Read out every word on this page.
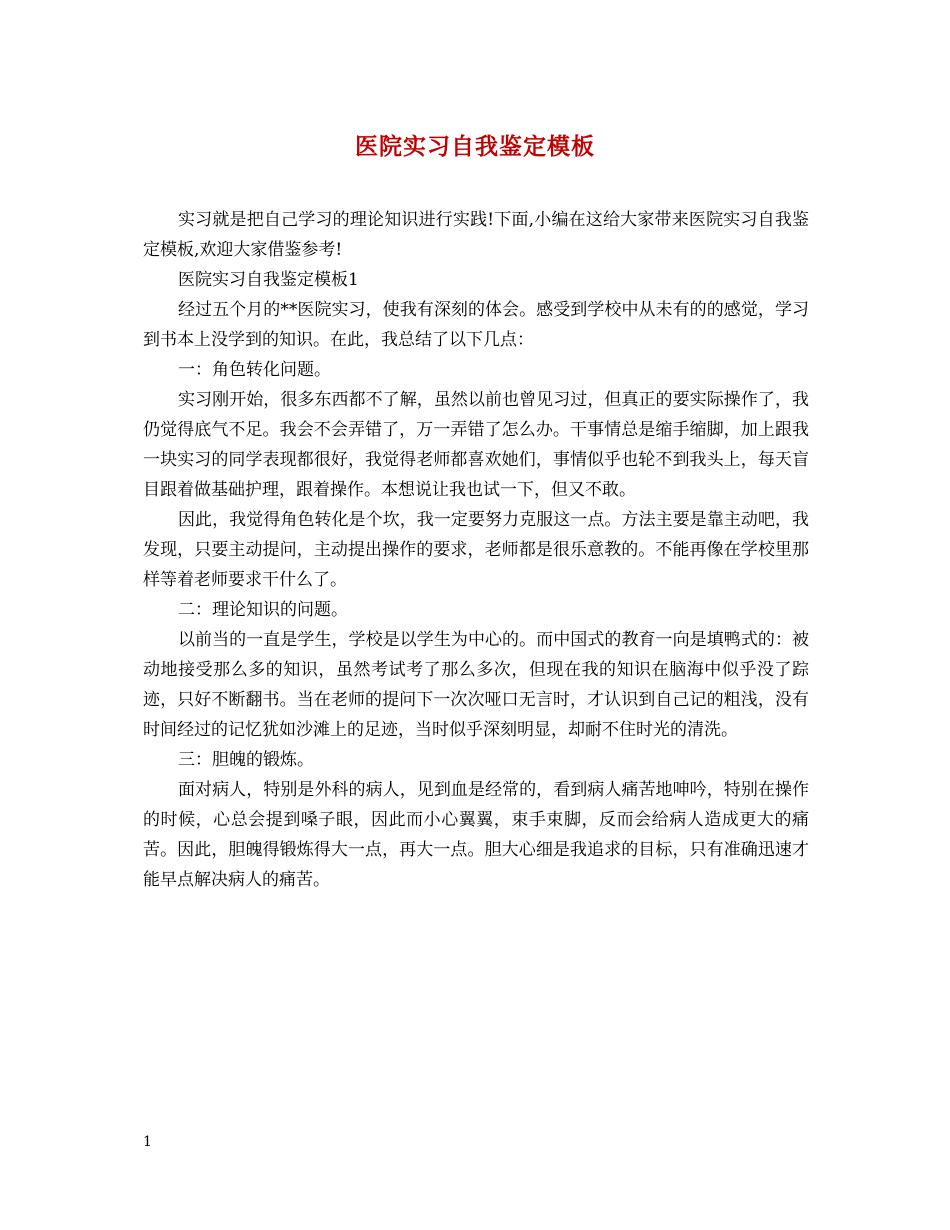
医院实习自我鉴定模板

实习就是把自己学习的理论知识进行实践!下面,小编在这给大家带来医院实习自我鉴定模板,欢迎大家借鉴参考!

医院实习自我鉴定模板1

经过五个月的**医院实习，使我有深刻的体会。感受到学校中从未有的的感觉，学习到书本上没学到的知识。在此，我总结了以下几点：

一：角色转化问题。

实习刚开始，很多东西都不了解，虽然以前也曾见习过，但真正的要实际操作了，我仍觉得底气不足。我会不会弄错了，万一弄错了怎么办。干事情总是缩手缩脚，加上跟我一块实习的同学表现都很好，我觉得老师都喜欢她们，事情似乎也轮不到我头上，每天盲目跟着做基础护理，跟着操作。本想说让我也试一下，但又不敢。

因此，我觉得角色转化是个坎，我一定要努力克服这一点。方法主要是靠主动吧，我发现，只要主动提问，主动提出操作的要求，老师都是很乐意教的。不能再像在学校里那样等着老师要求干什么了。

二：理论知识的问题。

以前当的一直是学生，学校是以学生为中心的。而中国式的教育一向是填鸭式的：被动地接受那么多的知识，虽然考试考了那么多次，但现在我的知识在脑海中似乎没了踪迹，只好不断翻书。当在老师的提问下一次次哑口无言时，才认识到自己记的粗浅，没有时间经过的记忆犹如沙滩上的足迹，当时似乎深刻明显，却耐不住时光的清洗。

三：胆魄的锻炼。

面对病人，特别是外科的病人，见到血是经常的，看到病人痛苦地呻吟，特别在操作的时候，心总会提到嗓子眼，因此而小心翼翼，束手束脚，反而会给病人造成更大的痛苦。因此，胆魄得锻炼得大一点，再大一点。胆大心细是我追求的目标，只有准确迅速才能早点解决病人的痛苦。

1
